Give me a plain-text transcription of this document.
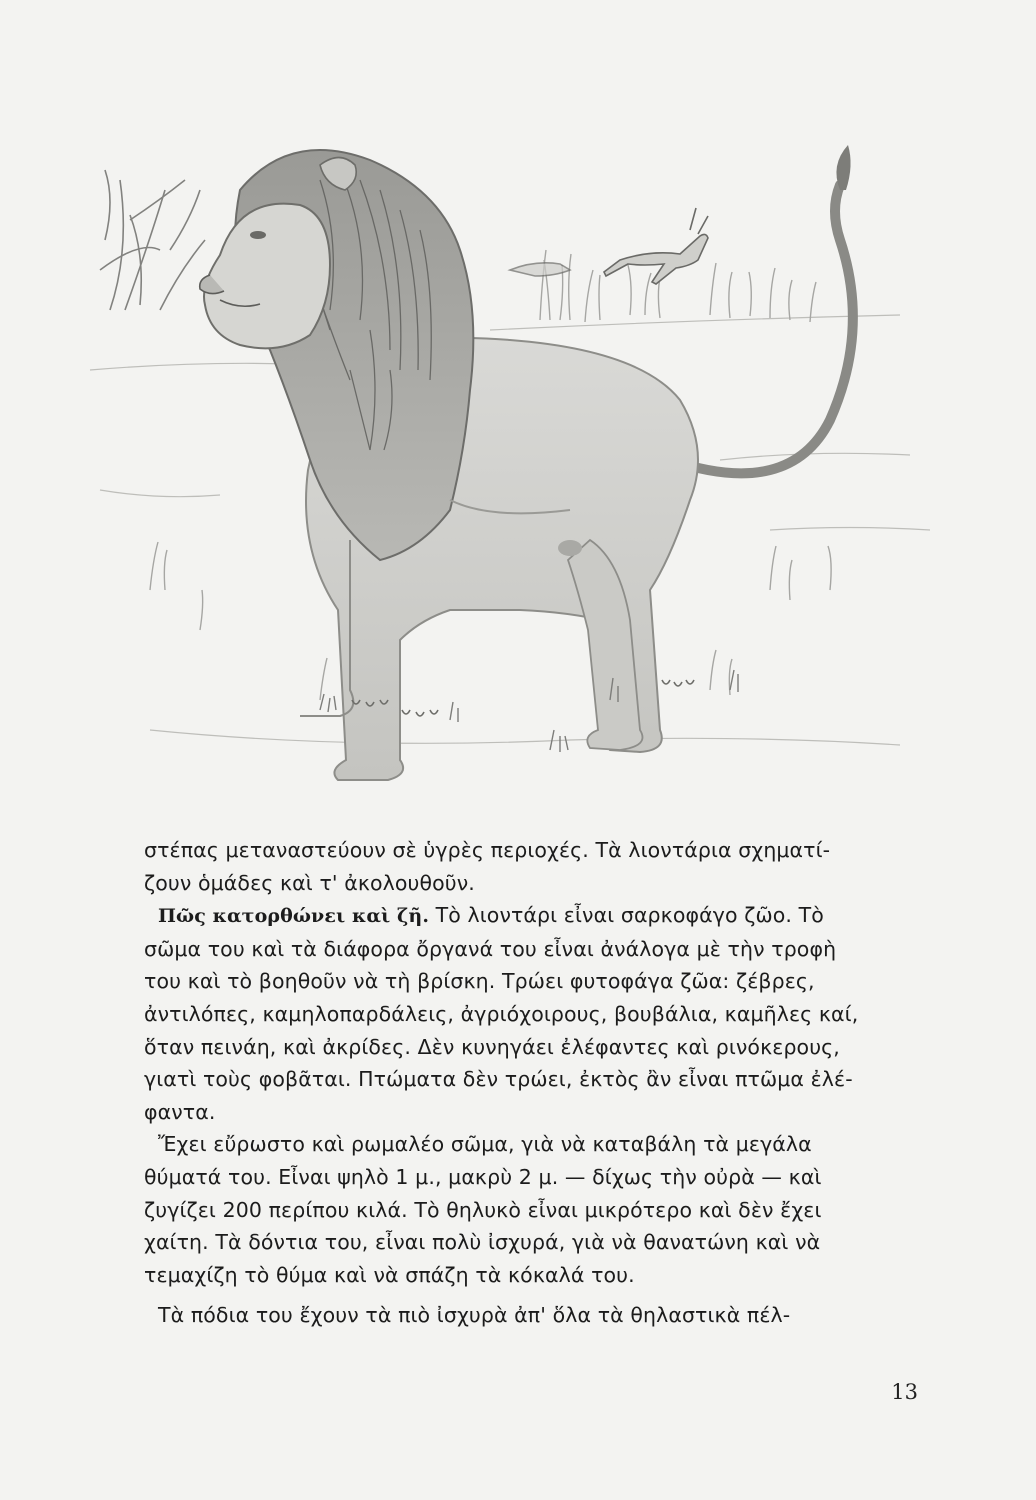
στέπας μεταναστεύουν σὲ ὑγρὲς περιοχές. Τὰ λιοντάρια σχηματί-
ζουν ὁμάδες καὶ τ' ἀκολουθοῦν.

Πῶς κατορθώνει καὶ ζῆ. Τὸ λιοντάρι εἶναι σαρκοφάγο ζῶο. Τὸ
σῶμα του καὶ τὰ διάφορα ὄργανά του εἶναι ἀνάλογα μὲ τὴν τροφὴ
του καὶ τὸ βοηθοῦν νὰ τὴ βρίσκη. Τρώει φυτοφάγα ζῶα: ζέβρες,
ἀντιλόπες, καμηλοπαρδάλεις, ἀγριόχοιρους, βουβάλια, καμῆλες καί,
ὅταν πεινάη, καὶ ἀκρίδες. Δὲν κυνηγάει ἐλέφαντες καὶ ρινόκερους,
γιατὶ τοὺς φοβᾶται. Πτώματα δὲν τρώει, ἐκτὸς ἂν εἶναι πτῶμα ἐλέ-
φαντα.

Ἔχει εὔρωστο καὶ ρωμαλέο σῶμα, γιὰ νὰ καταβάλη τὰ μεγάλα
θύματά του. Εἶναι ψηλὸ 1 μ., μακρὺ 2 μ. — δίχως τὴν οὐρὰ — καὶ
ζυγίζει 200 περίπου κιλά. Τὸ θηλυκὸ εἶναι μικρότερο καὶ δὲν ἔχει
χαίτη. Τὰ δόντια του, εἶναι πολὺ ἰσχυρά, γιὰ νὰ θανατώνη καὶ νὰ
τεμαχίζη τὸ θύμα καὶ νὰ σπάζη τὰ κόκαλά του.

Τὰ πόδια του ἔχουν τὰ πιὸ ἰσχυρὰ ἀπ' ὅλα τὰ θηλαστικὰ πέλ-

13
